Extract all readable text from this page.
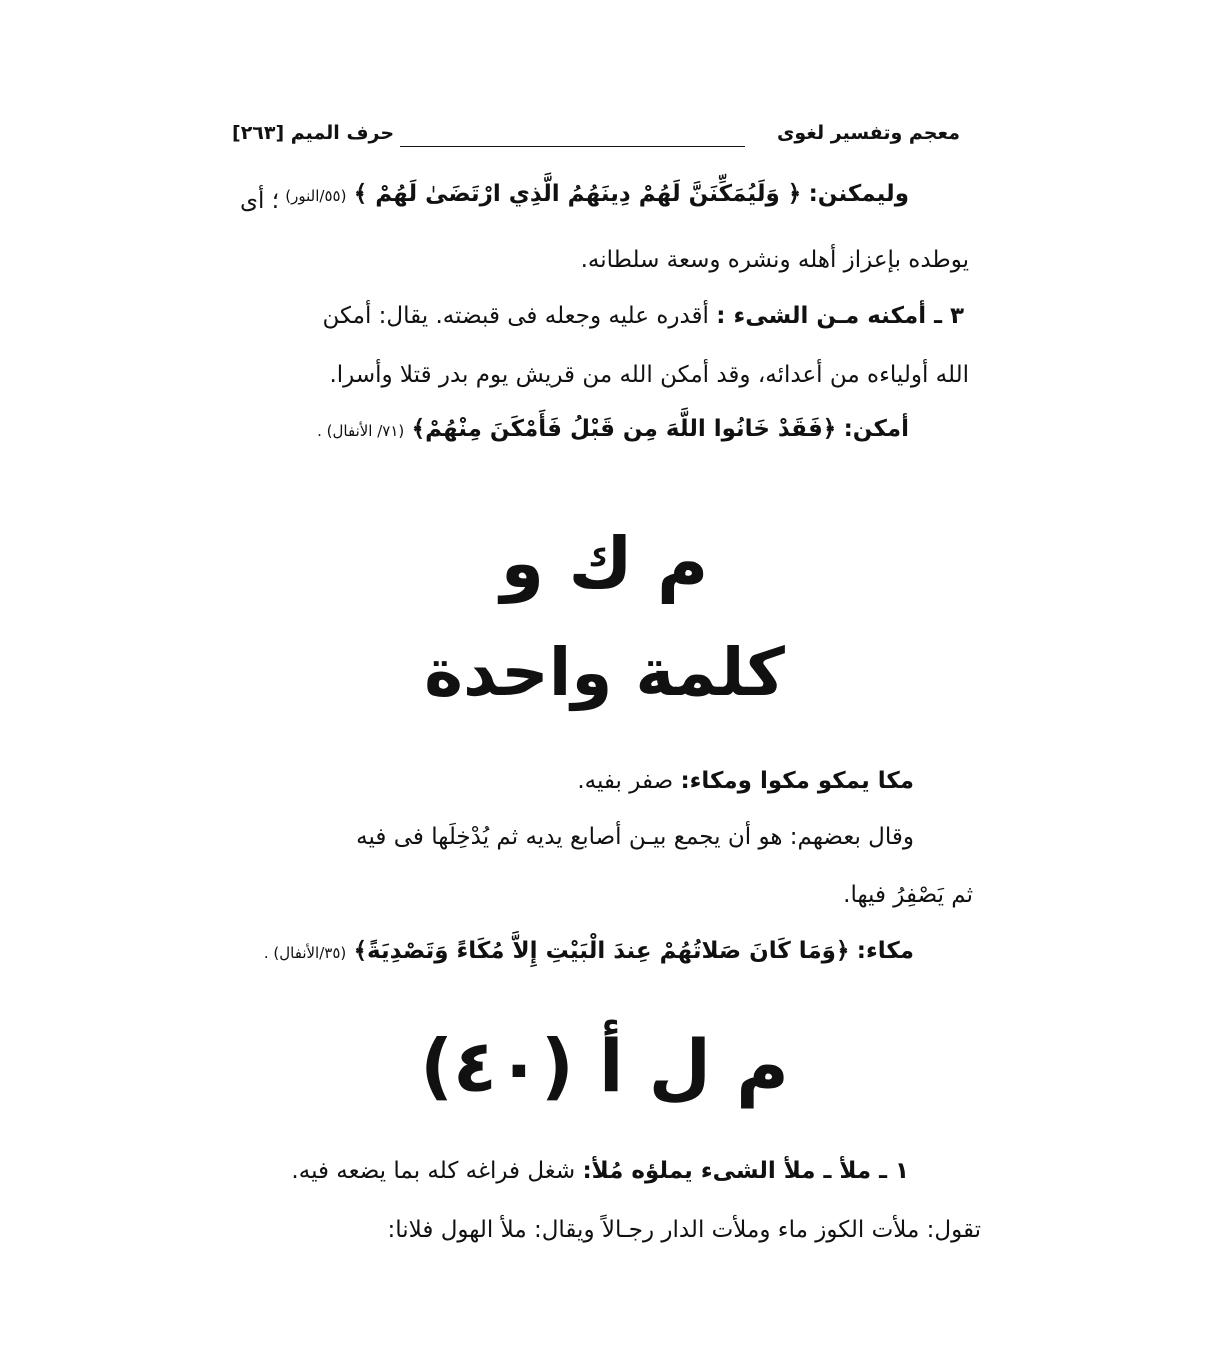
معجم وتفسير لغوى
حرف الميم [٢٦٣]
وليمكنن: ﴿ وَلَيُمَكِّنَنَّ لَهُمْ دِينَهُمُ الَّذِي ارْتَضَىٰ لَهُمْ ﴾ (٥٥/النور)
؛ أى
يوطده بإعزاز أهله ونشره وسعة سلطانه.
٣ ـ أمكنه مـن الشىء : أقدره عليه وجعله فى قبضته. يقال: أمكن
الله أولياءه من أعدائه، وقد أمكن الله من قريش يوم بدر قتلا وأسرا.
أمكن: ﴿فَقَدْ خَانُوا اللَّهَ مِن قَبْلُ فَأَمْكَنَ مِنْهُمْ﴾ (٧١/ الأنفال) .
م ك و
كلمة واحدة
مكا يمكو مكوا ومكاء: صفر بفيه.
وقال بعضهم: هو أن يجمع بيـن أصابع يديه ثم يُدْخِلَها فى فيه
ثم يَصْفِرُ فيها.
مكاء: ﴿وَمَا كَانَ صَلاتُهُمْ عِندَ الْبَيْتِ إِلاَّ مُكَاءً وَتَصْدِيَةً﴾ (٣٥/الأنفال) .
م ل أ (٤٠)
١ ـ ملأ ـ ملأ الشىء يملؤه مُلأ: شغل فراغه كله بما يضعه فيه.
تقول: ملأت الكوز ماء وملأت الدار رجـالاً ويقال: ملأ الهول فلانا:
